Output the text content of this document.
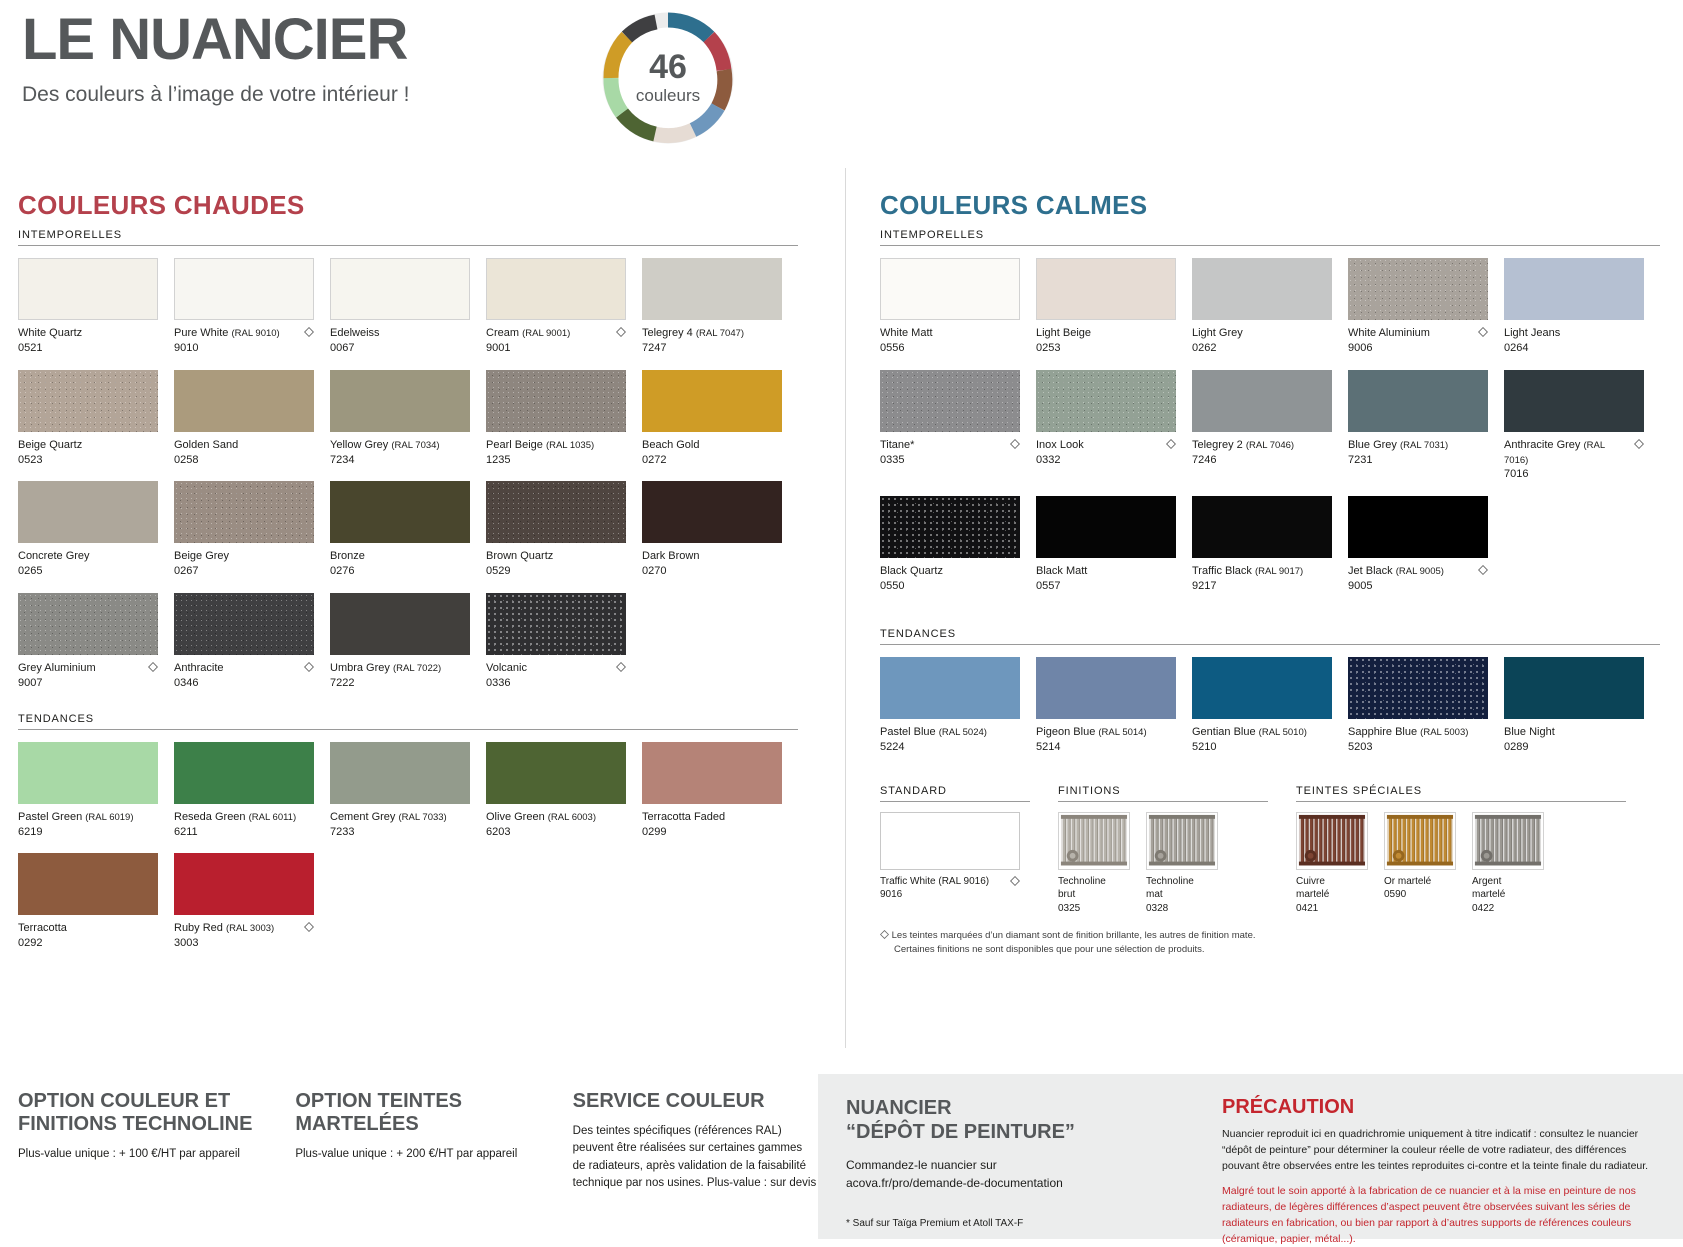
LE NUANCIER
Des couleurs à l’image de votre intérieur !
46
couleurs
COULEURS CHAUDES
INTEMPORELLES
White Quartz
0521
Pure White (RAL 9010)
9010
Edelweiss
0067
Cream (RAL 9001)
9001
Telegrey 4 (RAL 7047)
7247
Beige Quartz
0523
Golden Sand
0258
Yellow Grey (RAL 7034)
7234
Pearl Beige (RAL 1035)
1235
Beach Gold
0272
Concrete Grey
0265
Beige Grey
0267
Bronze
0276
Brown Quartz
0529
Dark Brown
0270
Grey Aluminium
9007
Anthracite
0346
Umbra Grey (RAL 7022)
7222
Volcanic
0336
TENDANCES
Pastel Green (RAL 6019)
6219
Reseda Green (RAL 6011)
6211
Cement Grey (RAL 7033)
7233
Olive Green (RAL 6003)
6203
Terracotta Faded
0299
Terracotta
0292
Ruby Red (RAL 3003)
3003
COULEURS CALMES
INTEMPORELLES
White Matt
0556
Light Beige
0253
Light Grey
0262
White Aluminium
9006
Light Jeans
0264
Titane*
0335
Inox Look
0332
Telegrey 2 (RAL 7046)
7246
Blue Grey (RAL 7031)
7231
Anthracite Grey (RAL 7016)
7016
Black Quartz
0550
Black Matt
0557
Traffic Black (RAL 9017)
9217
Jet Black (RAL 9005)
9005
TENDANCES
Pastel Blue (RAL 5024)
5224
Pigeon Blue (RAL 5014)
5214
Gentian Blue (RAL 5010)
5210
Sapphire Blue (RAL 5003)
5203
Blue Night
0289
STANDARD
Traffic White (RAL 9016)
9016
FINITIONS
Technoline brut
0325
Technoline mat
0328
TEINTES SPÉCIALES
Cuivre martelé
0421
Or martelé
0590
Argent martelé
0422
Les teintes marquées d’un diamant sont de finition brillante, les autres de finition mate.
Certaines finitions ne sont disponibles que pour une sélection de produits.
OPTION COULEUR ET FINITIONS TECHNOLINE
Plus-value unique : + 100 €/HT par appareil
OPTION TEINTES MARTELÉES
Plus-value unique : + 200 €/HT par appareil
SERVICE COULEUR
Des teintes spécifiques (références RAL) peuvent être réalisées sur certaines gammes de radiateurs, après validation de la faisabilité technique par nos usines. Plus-value : sur devis
NUANCIER
“DÉPÔT DE PEINTURE”
Commandez-le nuancier sur
acova.fr/pro/demande-de-documentation
* Sauf sur Taïga Premium et Atoll TAX-F
PRÉCAUTION
Nuancier reproduit ici en quadrichromie uniquement à titre indicatif : consultez le nuancier “dépôt de peinture” pour déterminer la couleur réelle de votre radiateur, des différences pouvant être observées entre les teintes reproduites ci-contre et la teinte finale du radiateur.
Malgré tout le soin apporté à la fabrication de ce nuancier et à la mise en peinture de nos radiateurs, de légères différences d’aspect peuvent être observées suivant les séries de radiateurs en fabrication, ou bien par rapport à d’autres supports de références couleurs (céramique, papier, métal...).
